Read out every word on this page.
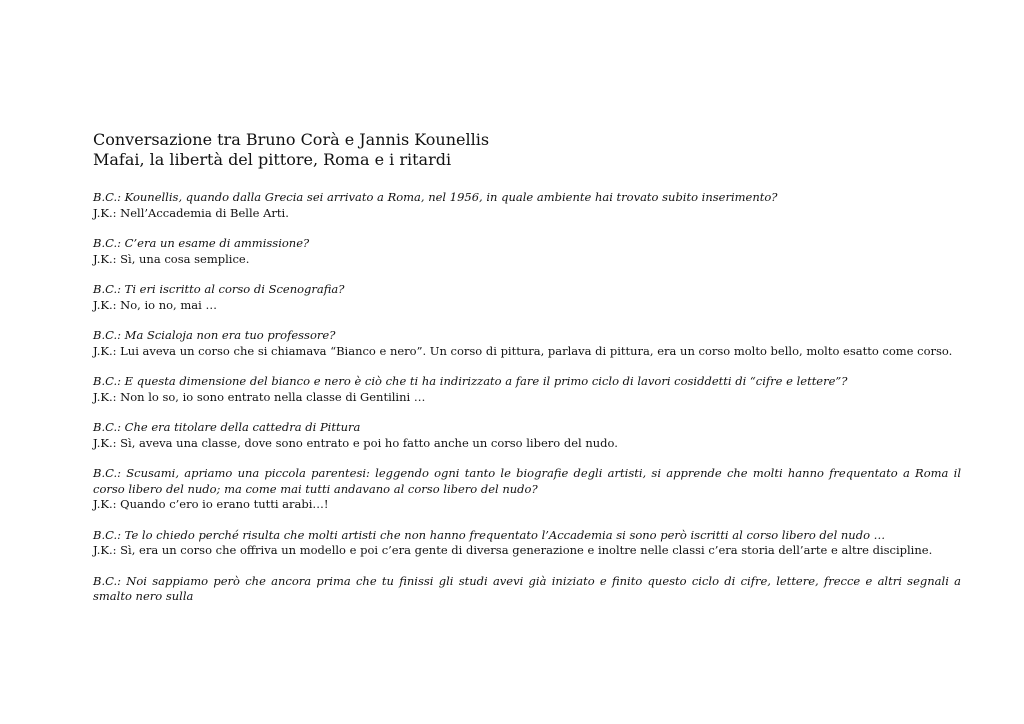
Conversazione tra Bruno Corà e Jannis Kounellis

Mafai, la libertà del pittore, Roma e i ritardi

B.C.: Kounellis, quando dalla Grecia sei arrivato a Roma, nel 1956, in quale ambiente hai trovato subito inserimento?

J.K.: Nell’Accademia di Belle Arti.

B.C.: C’era un esame di ammissione?

J.K.: Sì, una cosa semplice.

B.C.: Ti eri iscritto al corso di Scenografia?

J.K.: No, io no, mai …

B.C.: Ma Scialoja non era tuo professore?

J.K.: Lui aveva un corso che si chiamava “Bianco e nero”. Un corso di pittura, parlava di pittura, era un corso molto bello, molto esatto come corso.

B.C.: E questa dimensione del bianco e nero è ciò che ti ha indirizzato a fare il primo ciclo di lavori cosiddetti di “cifre e lettere”?

J.K.: Non lo so, io sono entrato nella classe di Gentilini …

B.C.: Che era titolare della cattedra di Pittura

J.K.: Sì, aveva una classe, dove sono entrato e poi ho fatto anche un corso libero del nudo.

B.C.: Scusami, apriamo una piccola parentesi: leggendo ogni tanto le biografie degli artisti, si apprende che molti hanno frequentato a Roma il corso libero del nudo; ma come mai tutti andavano al corso libero del nudo?

J.K.: Quando c’ero io erano tutti arabi…!

B.C.: Te lo chiedo perché risulta che molti artisti che non hanno frequentato l’Accademia si sono però iscritti al corso libero del nudo …

J.K.: Sì, era un corso che offriva un modello e poi c’era gente di diversa generazione e inoltre nelle classi c’era storia dell’arte e altre discipline.

B.C.: Noi sappiamo però che ancora prima che tu finissi gli studi avevi già iniziato e finito questo ciclo di cifre, lettere, frecce e altri segnali a smalto nero sulla
